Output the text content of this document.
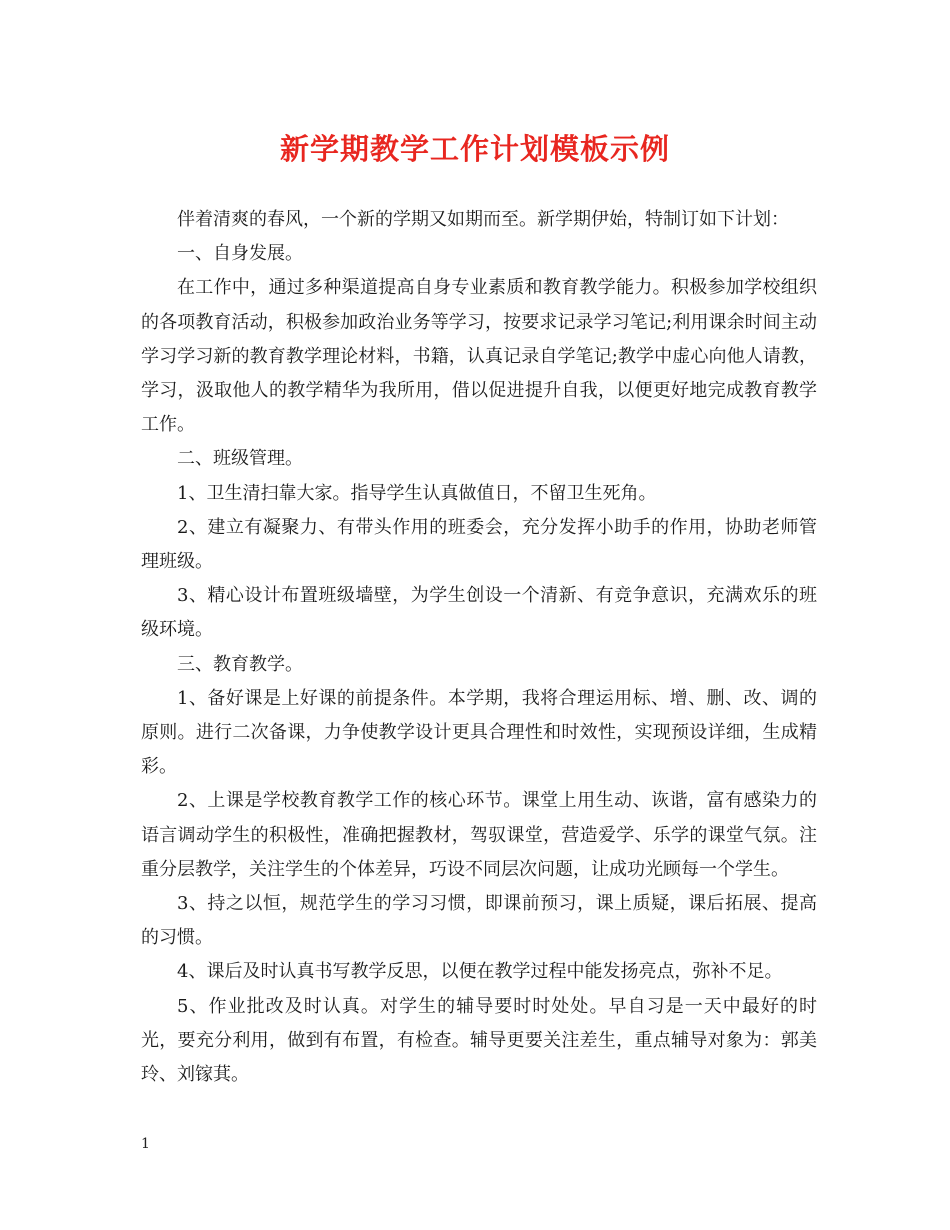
新学期教学工作计划模板示例

伴着清爽的春风，一个新的学期又如期而至。新学期伊始，特制订如下计划：

一、自身发展。

在工作中，通过多种渠道提高自身专业素质和教育教学能力。积极参加学校组织的各项教育活动，积极参加政治业务等学习，按要求记录学习笔记;利用课余时间主动学习学习新的教育教学理论材料，书籍，认真记录自学笔记;教学中虚心向他人请教，学习，汲取他人的教学精华为我所用，借以促进提升自我，以便更好地完成教育教学工作。

二、班级管理。

1、卫生清扫靠大家。指导学生认真做值日，不留卫生死角。

2、建立有凝聚力、有带头作用的班委会，充分发挥小助手的作用，协助老师管理班级。

3、精心设计布置班级墙壁，为学生创设一个清新、有竞争意识，充满欢乐的班级环境。

三、教育教学。

1、备好课是上好课的前提条件。本学期，我将合理运用标、增、删、改、调的原则。进行二次备课，力争使教学设计更具合理性和时效性，实现预设详细，生成精彩。

2、上课是学校教育教学工作的核心环节。课堂上用生动、诙谐，富有感染力的语言调动学生的积极性，准确把握教材，驾驭课堂，营造爱学、乐学的课堂气氛。注重分层教学，关注学生的个体差异，巧设不同层次问题，让成功光顾每一个学生。

3、持之以恒，规范学生的学习习惯，即课前预习，课上质疑，课后拓展、提高的习惯。

4、课后及时认真书写教学反思，以便在教学过程中能发扬亮点，弥补不足。

5、作业批改及时认真。对学生的辅导要时时处处。早自习是一天中最好的时光，要充分利用，做到有布置，有检查。辅导更要关注差生，重点辅导对象为：郭美玲、刘镓萁。

1
